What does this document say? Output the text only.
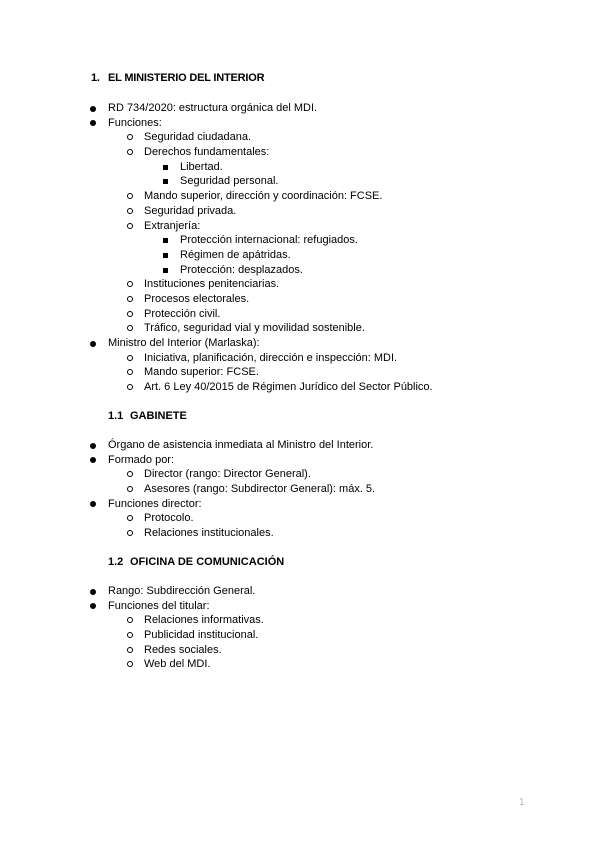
1. EL MINISTERIO DEL INTERIOR
RD 734/2020: estructura orgánica del MDI.
Funciones:
Seguridad ciudadana.
Derechos fundamentales:
Libertad.
Seguridad personal.
Mando superior, dirección y coordinación: FCSE.
Seguridad privada.
Extranjería:
Protección internacional: refugiados.
Régimen de apátridas.
Protección: desplazados.
Instituciones penitenciarias.
Procesos electorales.
Protección civil.
Tráfico, seguridad vial y movilidad sostenible.
Ministro del Interior (Marlaska):
Iniciativa, planificación, dirección e inspección: MDI.
Mando superior: FCSE.
Art. 6 Ley 40/2015 de Régimen Jurídico del Sector Público.
1.1 GABINETE
Órgano de asistencia inmediata al Ministro del Interior.
Formado por:
Director (rango: Director General).
Asesores (rango: Subdirector General): máx. 5.
Funciones director:
Protocolo.
Relaciones institucionales.
1.2 OFICINA DE COMUNICACIÓN
Rango: Subdirección General.
Funciones del titular:
Relaciones informativas.
Publicidad institucional.
Redes sociales.
Web del MDI.
1
